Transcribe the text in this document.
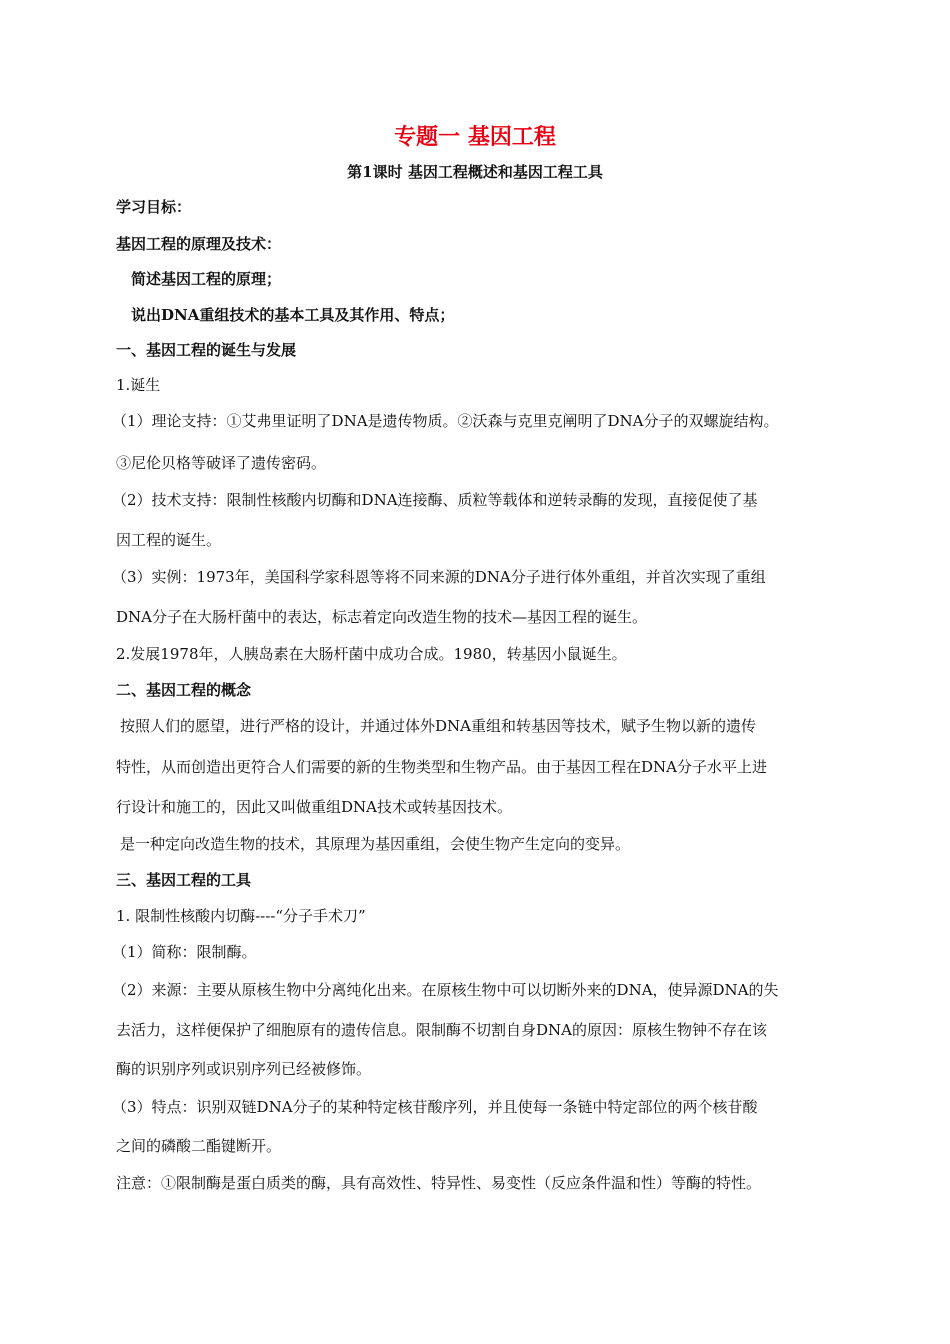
专题一 基因工程
第1课时 基因工程概述和基因工程工具
学习目标：
基因工程的原理及技术：
简述基因工程的原理；
说出DNA重组技术的基本工具及其作用、特点；
一、基因工程的诞生与发展
1.诞生
（1）理论支持：①艾弗里证明了DNA是遗传物质。②沃森与克里克阐明了DNA分子的双螺旋结构。
③尼伦贝格等破译了遗传密码。
（2）技术支持：限制性核酸内切酶和DNA连接酶、质粒等载体和逆转录酶的发现，直接促使了基
因工程的诞生。
（3）实例：1973年，美国科学家科恩等将不同来源的DNA分子进行体外重组，并首次实现了重组
DNA分子在大肠杆菌中的表达，标志着定向改造生物的技术—基因工程的诞生。
2.发展1978年，人胰岛素在大肠杆菌中成功合成。1980，转基因小鼠诞生。
二、基因工程的概念
按照人们的愿望，进行严格的设计，并通过体外DNA重组和转基因等技术，赋予生物以新的遗传
特性，从而创造出更符合人们需要的新的生物类型和生物产品。由于基因工程在DNA分子水平上进
行设计和施工的，因此又叫做重组DNA技术或转基因技术。
是一种定向改造生物的技术，其原理为基因重组，会使生物产生定向的变异。
三、基因工程的工具
1. 限制性核酸内切酶----“分子手术刀”
（1）简称：限制酶。
（2）来源：主要从原核生物中分离纯化出来。在原核生物中可以切断外来的DNA，使异源DNA的失
去活力，这样便保护了细胞原有的遗传信息。限制酶不切割自身DNA的原因：原核生物钟不存在该
酶的识别序列或识别序列已经被修饰。
（3）特点：识别双链DNA分子的某种特定核苷酸序列，并且使每一条链中特定部位的两个核苷酸
之间的磷酸二酯键断开。
注意：①限制酶是蛋白质类的酶，具有高效性、特异性、易变性（反应条件温和性）等酶的特性。
